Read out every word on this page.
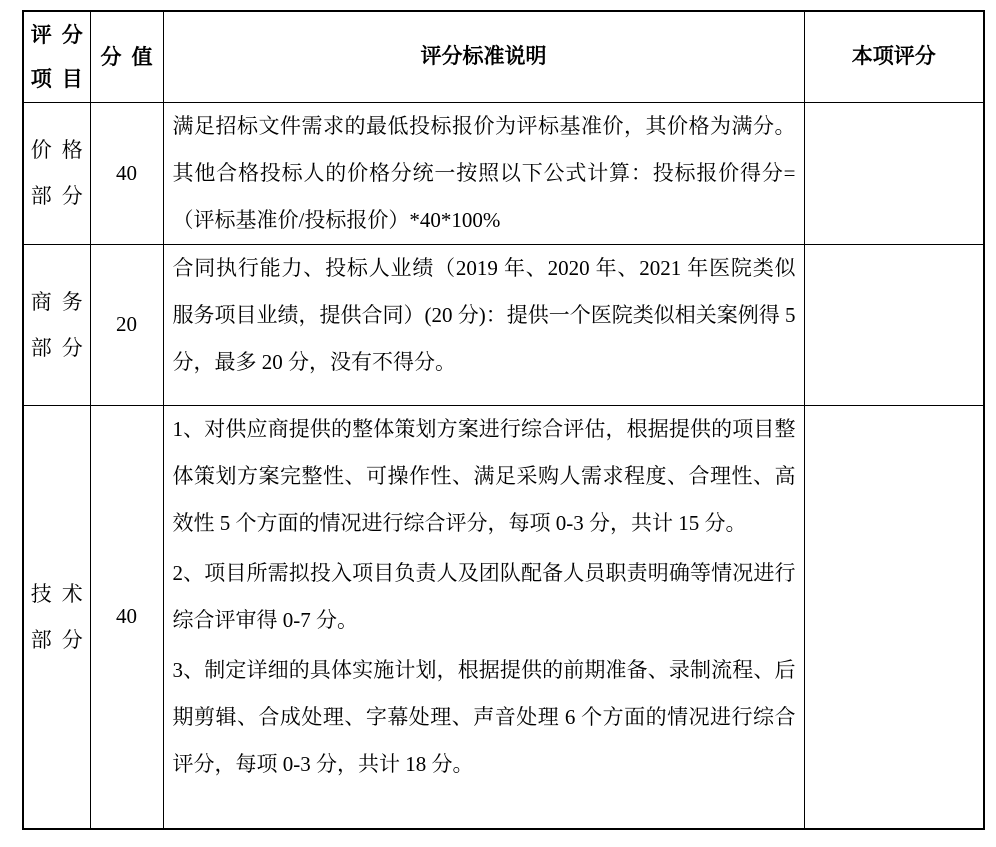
评分项目	分值	评分标准说明	本项评分

价格部分	40	满足招标文件需求的最低投标报价为评标基准价，其价格为满分。其他合格投标人的价格分统一按照以下公式计算：投标报价得分=（评标基准价/投标报价）*40*100%	

商务部分	20	合同执行能力、投标人业绩（2019 年、2020 年、2021 年医院类似服务项目业绩，提供合同）(20 分)：提供一个医院类似相关案例得 5 分，最多 20 分，没有不得分。	

技术部分	40	1、对供应商提供的整体策划方案进行综合评估，根据提供的项目整体策划方案完整性、可操作性、满足采购人需求程度、合理性、高效性 5 个方面的情况进行综合评分，每项 0-3 分，共计 15 分。

2、项目所需拟投入项目负责人及团队配备人员职责明确等情况进行综合评审得 0-7 分。

3、制定详细的具体实施计划，根据提供的前期准备、录制流程、后期剪辑、合成处理、字幕处理、声音处理 6 个方面的情况进行综合评分，每项 0-3 分，共计 18 分。	
